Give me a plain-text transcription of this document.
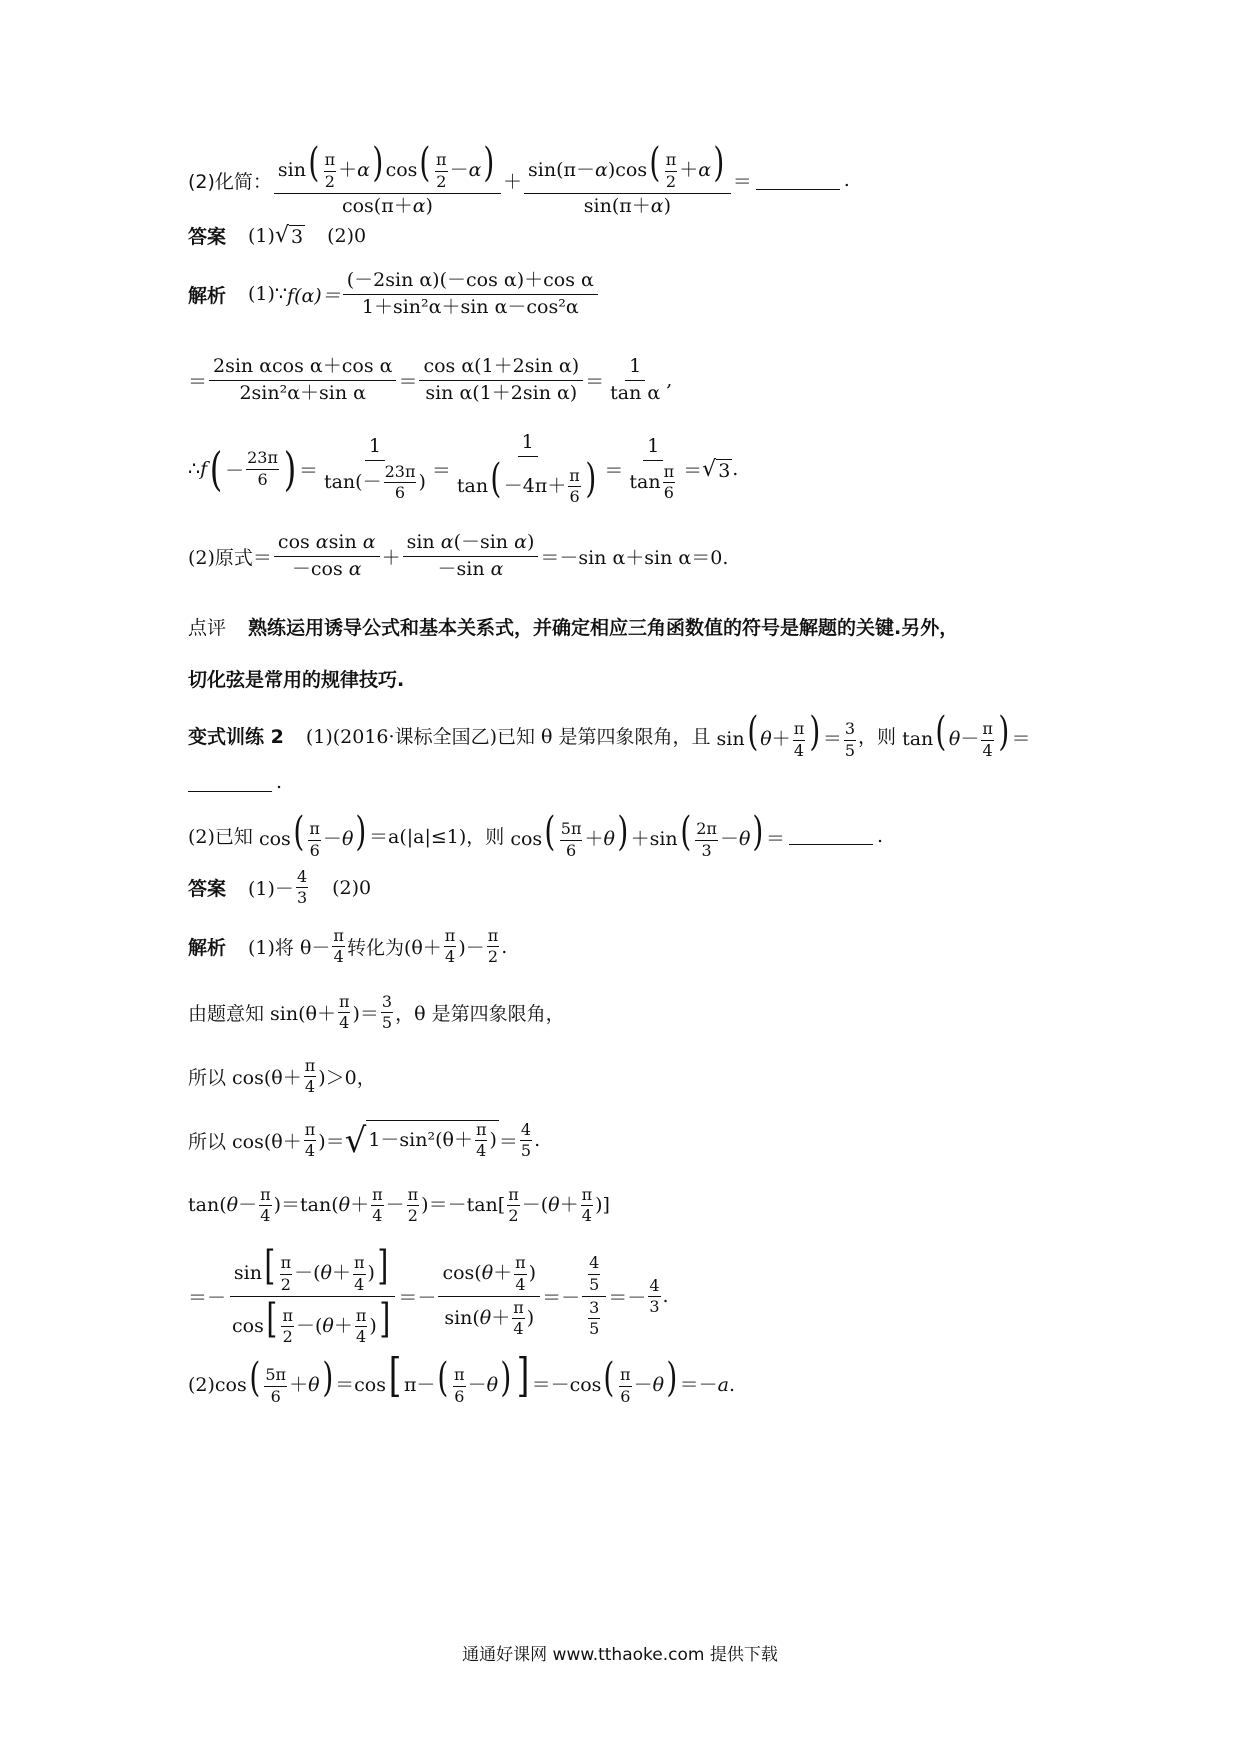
(2)化简： $\frac{\sin( \frac{\pi}{2} +\alpha) \cos( \frac{\pi}{2} -\alpha)}{\cos(\pi+\alpha)} + \frac{\sin(\pi-\alpha)\cos( \frac{\pi}{2} +\alpha)}{\sin(\pi+\alpha)}$ ＝	.
答案 (1) √ 3 (2)0
解析 (1)∵ $f(\alpha)= \frac{\text{(－2sin α)(－cos α)＋cos α}}{\text{1＋sin²α＋sin α－cos²α}}$
＝ $\frac{\text{2sin αcos α＋cos α}}{\text{2sin²α＋sin α}} = \frac{\text{cos α(1＋2sin α)}}{\text{sin α(1＋2sin α)}} = \frac{1}{\text{tan α}}$ ,
∴ f ( － $\frac{23\pi}{6}$ ) ＝ $\frac{1}{\tan(- \frac{23\pi}{6} )} = \frac{1}{\tan( -4\pi+ \frac{\pi}{6} )} = \frac{1}{\tan \frac{\pi}{6}}$ ＝ √ 3 .
(2)原式＝ $\frac{\text{cos αsin α}}{\text{－cos α}} + \frac{\text{sin α(－sin α)}}{\text{－sin α}} =-\sin$ α＋sin α＝0.
点评 熟练运用诱导公式和基本关系式，并确定相应三角函数值的符号是解题的关键.另外，
切化弦是常用的规律技巧.
变式训练 2 (1)(2016·课标全国乙)已知 θ 是第四象限角，且 sin( $\theta+ \frac{\pi}{4}$ ) ＝ $\frac{3}{5}$ ，则 tan( $\theta- \frac{\pi}{4}$ ) ＝
.
(2)已知 $\cos( \frac{\pi}{6} -\theta) =a(|a|\le 1)$，则 $\cos( \frac{5\pi}{6} +\theta) +\sin( \frac{2\pi}{3} -\theta)$ ＝	.
答案 $(1)- \frac{4}{3} (2)0$
解析 (1)将 $\theta- \frac{\pi}{4}$ 转化为($\theta+ \frac{\pi}{4}$ )－ $\frac{\pi}{2}$ .
由题意知 $\sin(\theta+ \frac{\pi}{4}$ )＝ $\frac{3}{5}$ ，θ 是第四象限角，
所以 $\cos(\theta+ \frac{\pi}{4} )>0$，
所以 $\cos(\theta+ \frac{\pi}{4}$ )＝ √ $1-\sin^2(\theta+ \frac{\pi}{4}$ ) ＝ $\frac{4}{5}$ .
$\tan(\theta- \frac{\pi}{4} )=\tan(\theta+ \frac{\pi}{4} - \frac{\pi}{2} )=-\tan[ \frac{\pi}{2} -(\theta+ \frac{\pi}{4}$ )]
＝－ $\frac{\sin[ \frac{\pi}{2} -(\theta+ \frac{\pi}{4} )]}{\cos[ \frac{\pi}{2} -(\theta+ \frac{\pi}{4} )]} =- \frac{\cos(\theta+ \frac{\pi}{4} )}{\sin(\theta+ \frac{\pi}{4} )} =- \frac{\frac{4}{5}}{\frac{3}{5}} =- \frac{4}{3}$ .
$(2)\cos( \frac{5\pi}{6} +\theta) =\cos$[ $\pi-( \frac{\pi}{6} -\theta)$ ] $=-\cos( \frac{\pi}{6} -\theta) =-a$.
通通好课网 www.tthaoke.com 提供下载
